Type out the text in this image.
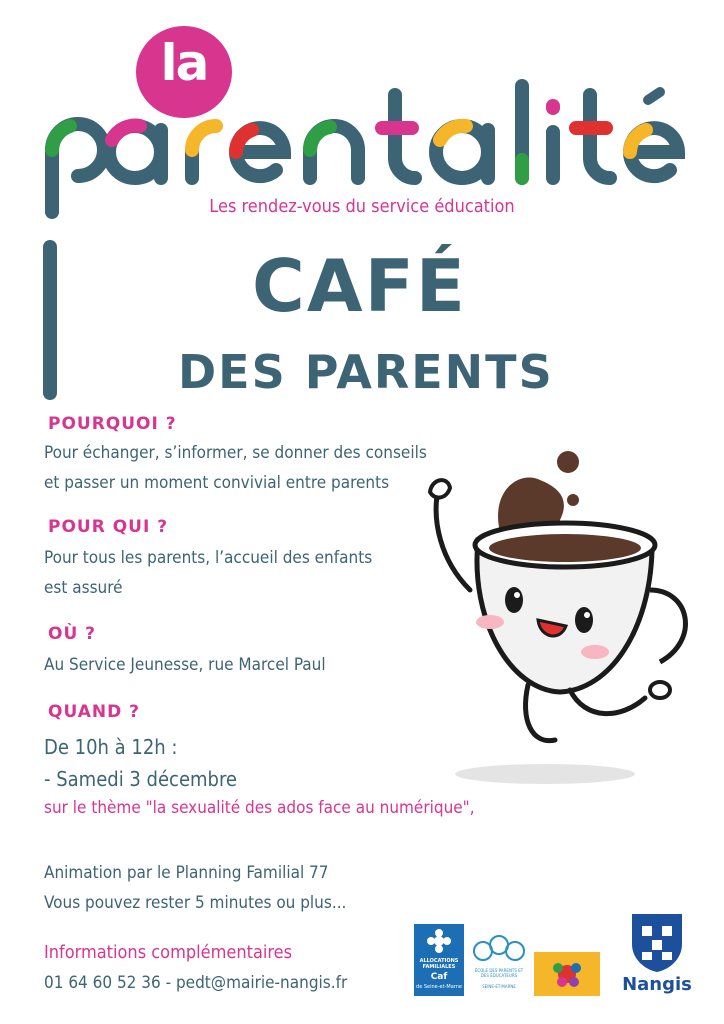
la
Les rendez-vous du service éducation
CAFÉ
DES PARENTS
POURQUOI ?
Pour échanger, s’informer, se donner des conseils
et passer un moment convivial entre parents
POUR QUI ?
Pour tous les parents, l’accueil des enfants
est assuré
OÙ ?
Au Service Jeunesse, rue Marcel Paul
QUAND ?
De 10h à 12h :
- Samedi 3 décembre
sur le thème "la sexualité des ados face au numérique",
Animation par le Planning Familial 77
Vous pouvez rester 5 minutes ou plus...
Informations complémentaires
01 64 60 52 36 - pedt@mairie-nangis.fr
ALLOCATIONS FAMILIALES
Caf
de Seine-et-Marne
ÉCOLE DES PARENTS ET DES ÉDUCATEURS
SEINE-ET-MARNE	Nangis
